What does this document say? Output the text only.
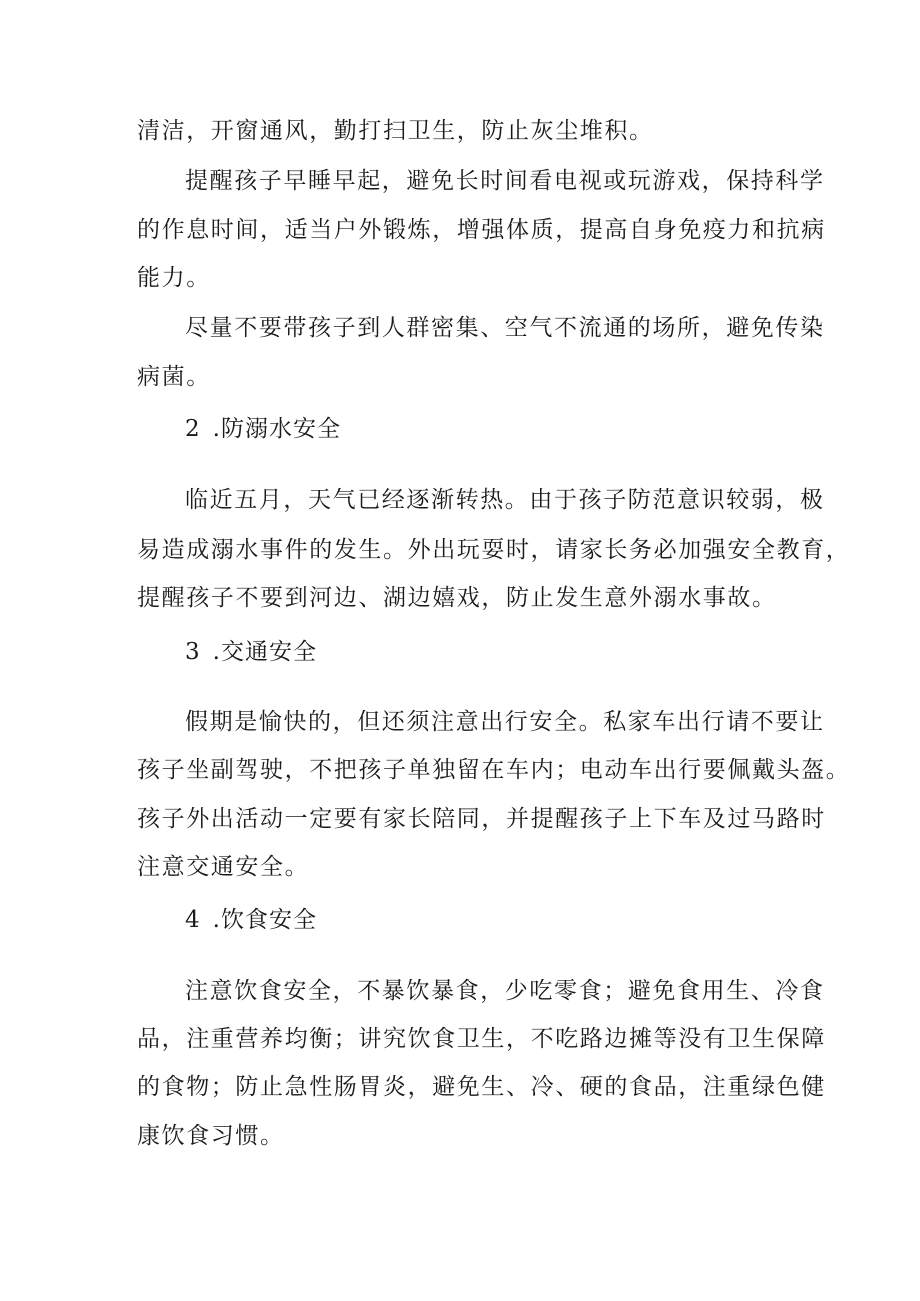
清洁，开窗通风，勤打扫卫生，防止灰尘堆积。
提醒孩子早睡早起，避免长时间看电视或玩游戏，保持科学
的作息时间，适当户外锻炼，增强体质，提高自身免疫力和抗病
能力。
尽量不要带孩子到人群密集、空气不流通的场所，避免传染
病菌。
2 .防溺水安全
临近五月，天气已经逐渐转热。由于孩子防范意识较弱，极
易造成溺水事件的发生。外出玩耍时，请家长务必加强安全教育，
提醒孩子不要到河边、湖边嬉戏，防止发生意外溺水事故。
3 .交通安全
假期是愉快的，但还须注意出行安全。私家车出行请不要让
孩子坐副驾驶，不把孩子单独留在车内；电动车出行要佩戴头盔。
孩子外出活动一定要有家长陪同，并提醒孩子上下车及过马路时
注意交通安全。
4 .饮食安全
注意饮食安全，不暴饮暴食，少吃零食；避免食用生、冷食
品，注重营养均衡；讲究饮食卫生，不吃路边摊等没有卫生保障
的食物；防止急性肠胃炎，避免生、冷、硬的食品，注重绿色健
康饮食习惯。
